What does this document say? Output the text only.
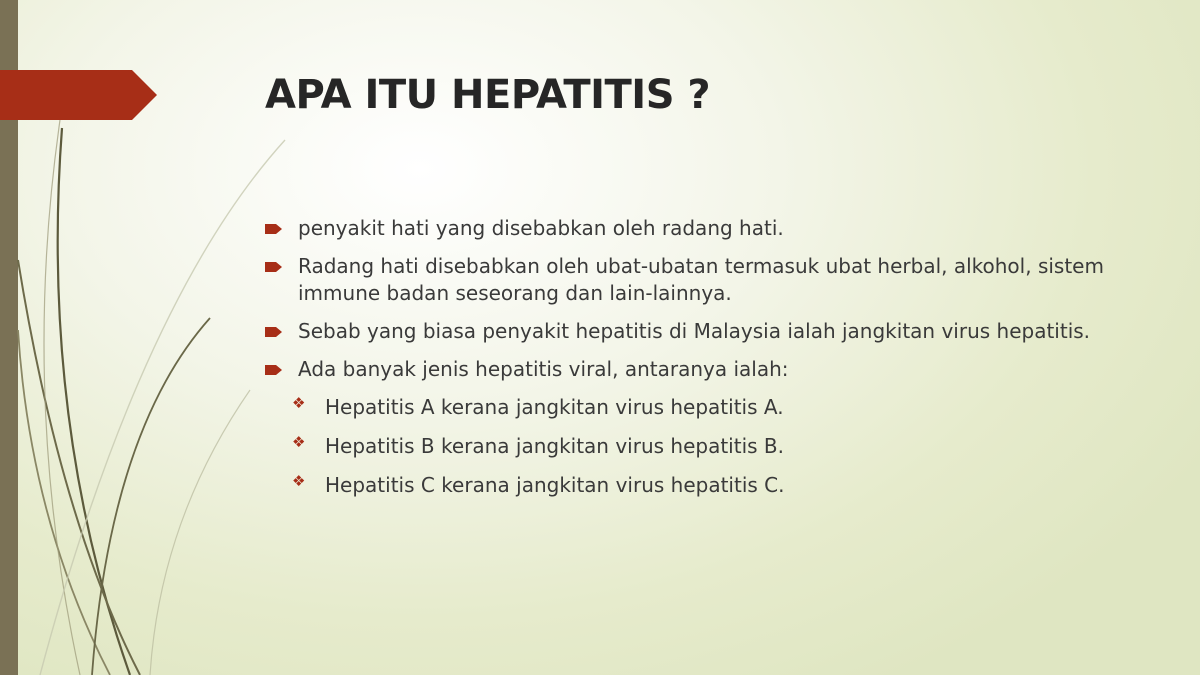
APA ITU HEPATITIS ?
penyakit hati yang disebabkan oleh radang hati.
Radang hati disebabkan oleh ubat-ubatan termasuk ubat herbal, alkohol, sistem immune badan seseorang dan lain-lainnya.
Sebab yang biasa penyakit hepatitis di Malaysia ialah jangkitan virus hepatitis.
Ada banyak jenis hepatitis viral, antaranya ialah:
❖ Hepatitis A kerana jangkitan virus hepatitis A.
❖ Hepatitis B kerana jangkitan virus hepatitis B.
❖ Hepatitis C kerana jangkitan virus hepatitis C.
